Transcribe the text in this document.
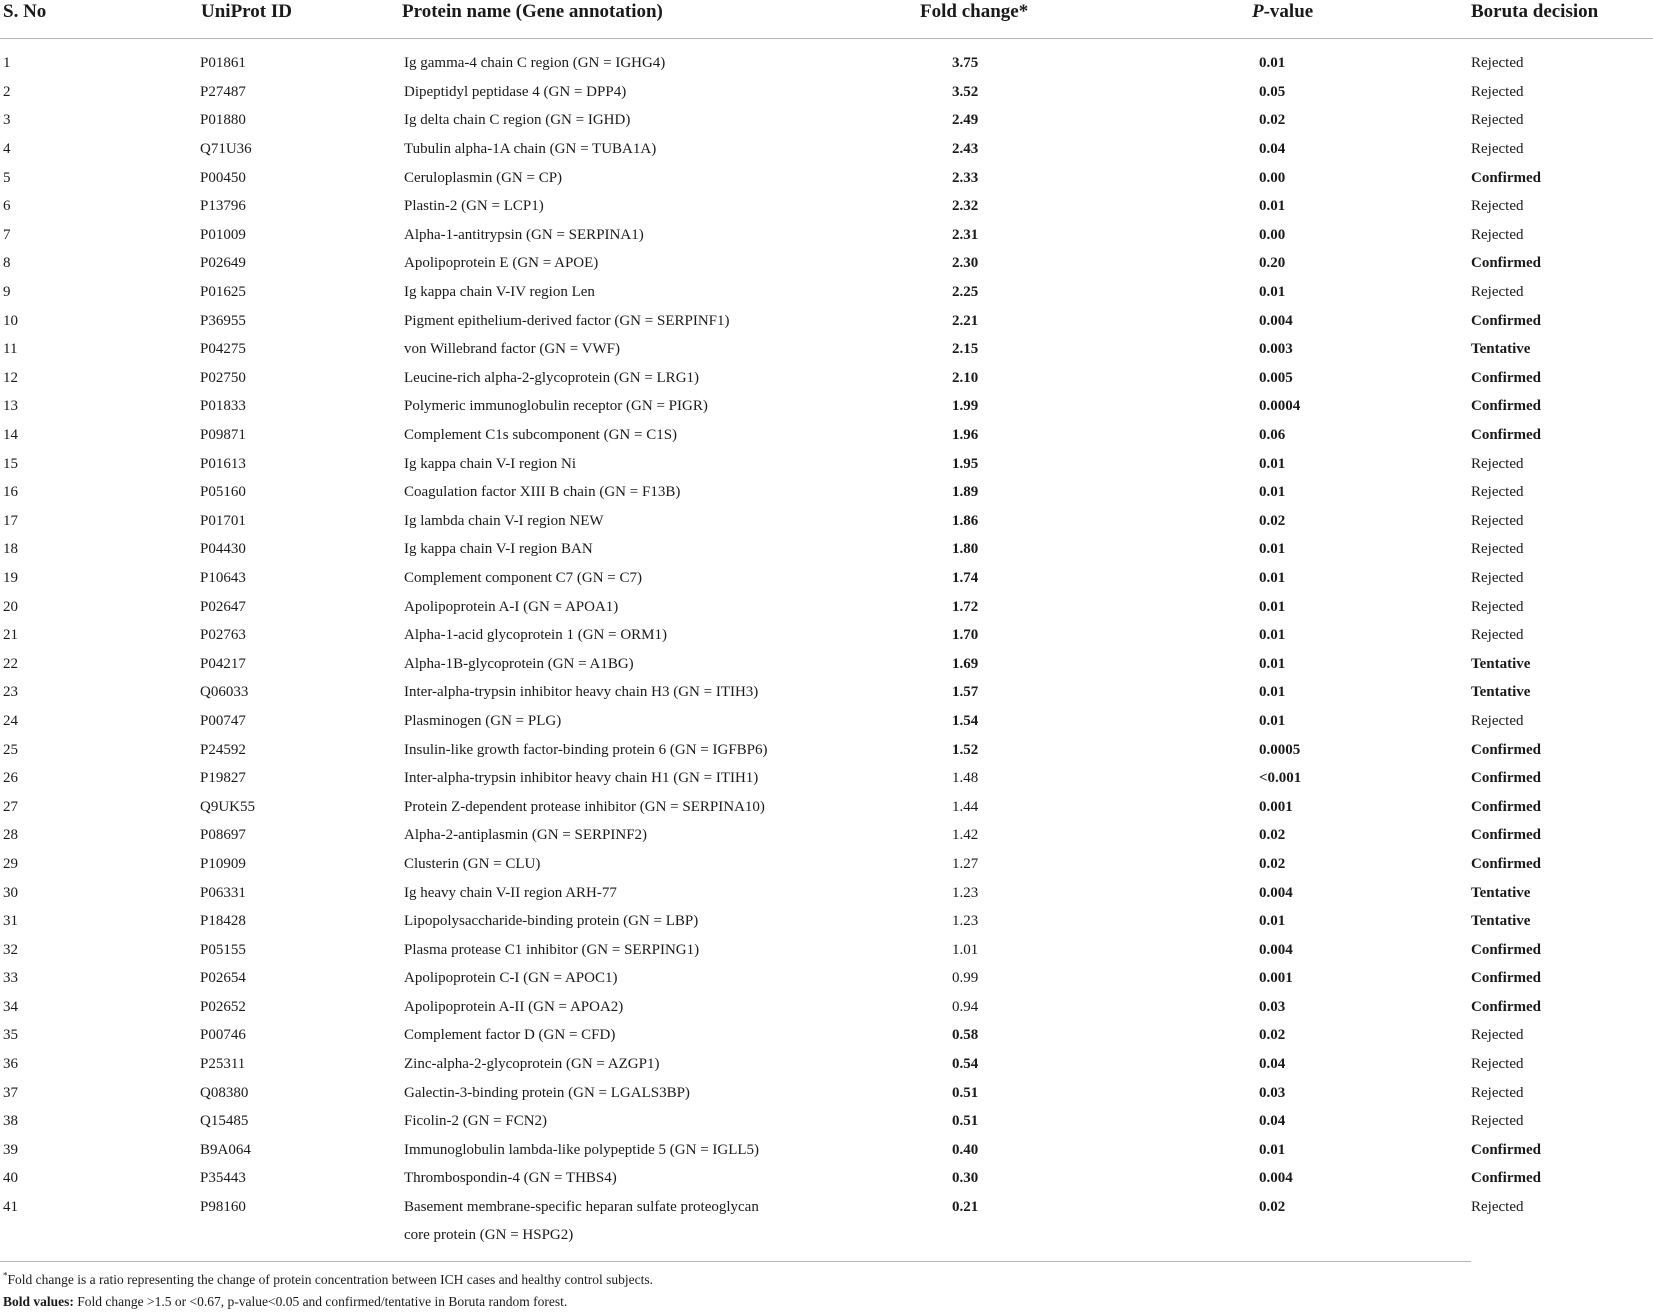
S. No	UniProt ID	Protein name (Gene annotation)	Fold change*	P-value	Boruta decision
1	P01861	Ig gamma-4 chain C region (GN = IGHG4)	3.75	0.01	Rejected
2	P27487	Dipeptidyl peptidase 4 (GN = DPP4)	3.52	0.05	Rejected
3	P01880	Ig delta chain C region (GN = IGHD)	2.49	0.02	Rejected
4	Q71U36	Tubulin alpha-1A chain (GN = TUBA1A)	2.43	0.04	Rejected
5	P00450	Ceruloplasmin (GN = CP)	2.33	0.00	Confirmed
6	P13796	Plastin-2 (GN = LCP1)	2.32	0.01	Rejected
7	P01009	Alpha-1-antitrypsin (GN = SERPINA1)	2.31	0.00	Rejected
8	P02649	Apolipoprotein E (GN = APOE)	2.30	0.20	Confirmed
9	P01625	Ig kappa chain V-IV region Len	2.25	0.01	Rejected
10	P36955	Pigment epithelium-derived factor (GN = SERPINF1)	2.21	0.004	Confirmed
11	P04275	von Willebrand factor (GN = VWF)	2.15	0.003	Tentative
12	P02750	Leucine-rich alpha-2-glycoprotein (GN = LRG1)	2.10	0.005	Confirmed
13	P01833	Polymeric immunoglobulin receptor (GN = PIGR)	1.99	0.0004	Confirmed
14	P09871	Complement C1s subcomponent (GN = C1S)	1.96	0.06	Confirmed
15	P01613	Ig kappa chain V-I region Ni	1.95	0.01	Rejected
16	P05160	Coagulation factor XIII B chain (GN = F13B)	1.89	0.01	Rejected
17	P01701	Ig lambda chain V-I region NEW	1.86	0.02	Rejected
18	P04430	Ig kappa chain V-I region BAN	1.80	0.01	Rejected
19	P10643	Complement component C7 (GN = C7)	1.74	0.01	Rejected
20	P02647	Apolipoprotein A-I (GN = APOA1)	1.72	0.01	Rejected
21	P02763	Alpha-1-acid glycoprotein 1 (GN = ORM1)	1.70	0.01	Rejected
22	P04217	Alpha-1B-glycoprotein (GN = A1BG)	1.69	0.01	Tentative
23	Q06033	Inter-alpha-trypsin inhibitor heavy chain H3 (GN = ITIH3)	1.57	0.01	Tentative
24	P00747	Plasminogen (GN = PLG)	1.54	0.01	Rejected
25	P24592	Insulin-like growth factor-binding protein 6 (GN = IGFBP6)	1.52	0.0005	Confirmed
26	P19827	Inter-alpha-trypsin inhibitor heavy chain H1 (GN = ITIH1)	1.48	<0.001	Confirmed
27	Q9UK55	Protein Z-dependent protease inhibitor (GN = SERPINA10)	1.44	0.001	Confirmed
28	P08697	Alpha-2-antiplasmin (GN = SERPINF2)	1.42	0.02	Confirmed
29	P10909	Clusterin (GN = CLU)	1.27	0.02	Confirmed
30	P06331	Ig heavy chain V-II region ARH-77	1.23	0.004	Tentative
31	P18428	Lipopolysaccharide-binding protein (GN = LBP)	1.23	0.01	Tentative
32	P05155	Plasma protease C1 inhibitor (GN = SERPING1)	1.01	0.004	Confirmed
33	P02654	Apolipoprotein C-I (GN = APOC1)	0.99	0.001	Confirmed
34	P02652	Apolipoprotein A-II (GN = APOA2)	0.94	0.03	Confirmed
35	P00746	Complement factor D (GN = CFD)	0.58	0.02	Rejected
36	P25311	Zinc-alpha-2-glycoprotein (GN = AZGP1)	0.54	0.04	Rejected
37	Q08380	Galectin-3-binding protein (GN = LGALS3BP)	0.51	0.03	Rejected
38	Q15485	Ficolin-2 (GN = FCN2)	0.51	0.04	Rejected
39	B9A064	Immunoglobulin lambda-like polypeptide 5 (GN = IGLL5)	0.40	0.01	Confirmed
40	P35443	Thrombospondin-4 (GN = THBS4)	0.30	0.004	Confirmed
41	P98160	Basement membrane-specific heparan sulfate proteoglycan
core protein (GN = HSPG2)	0.21	0.02	Rejected
*Fold change is a ratio representing the change of protein concentration between ICH cases and healthy control subjects.
Bold values: Fold change >1.5 or <0.67, p-value<0.05 and confirmed/tentative in Boruta random forest.
